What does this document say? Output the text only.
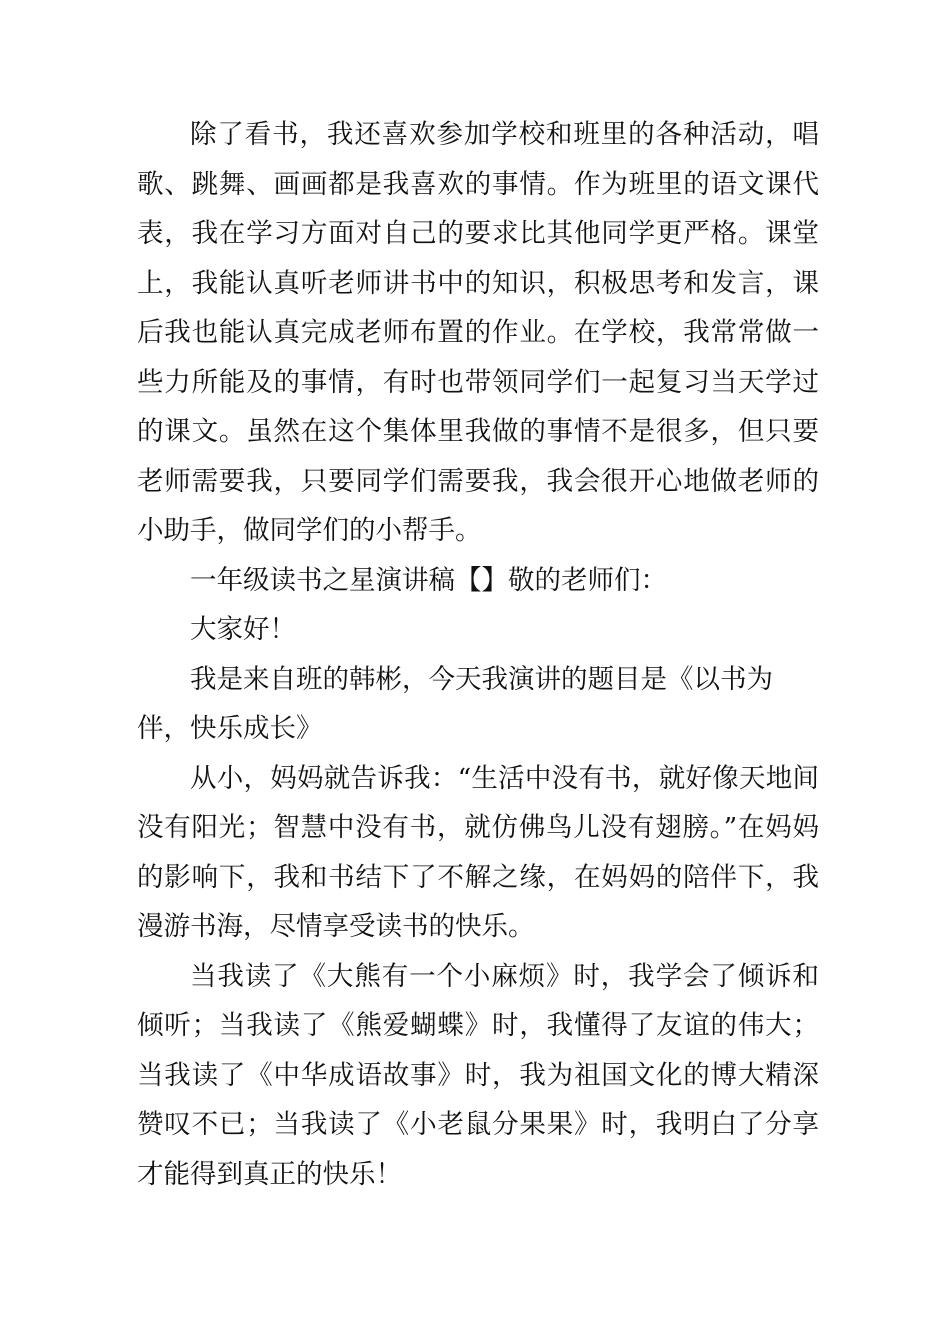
除了看书，我还喜欢参加学校和班里的各种活动，唱歌、跳舞、画画都是我喜欢的事情。作为班里的语文课代表，我在学习方面对自己的要求比其他同学更严格。课堂上，我能认真听老师讲书中的知识，积极思考和发言，课后我也能认真完成老师布置的作业。在学校，我常常做一些力所能及的事情，有时也带领同学们一起复习当天学过的课文。虽然在这个集体里我做的事情不是很多，但只要老师需要我，只要同学们需要我，我会很开心地做老师的小助手，做同学们的小帮手。

一年级读书之星演讲稿【】敬的老师们：

大家好！

我是来自班的韩彬，今天我演讲的题目是《以书为伴，快乐成长》

从小，妈妈就告诉我：“生活中没有书，就好像天地间没有阳光；智慧中没有书，就仿佛鸟儿没有翅膀。”在妈妈的影响下，我和书结下了不解之缘，在妈妈的陪伴下，我漫游书海，尽情享受读书的快乐。

当我读了《大熊有一个小麻烦》时，我学会了倾诉和倾听；当我读了《熊爱蝴蝶》时，我懂得了友谊的伟大；当我读了《中华成语故事》时，我为祖国文化的博大精深赞叹不已；当我读了《小老鼠分果果》时，我明白了分享才能得到真正的快乐！
